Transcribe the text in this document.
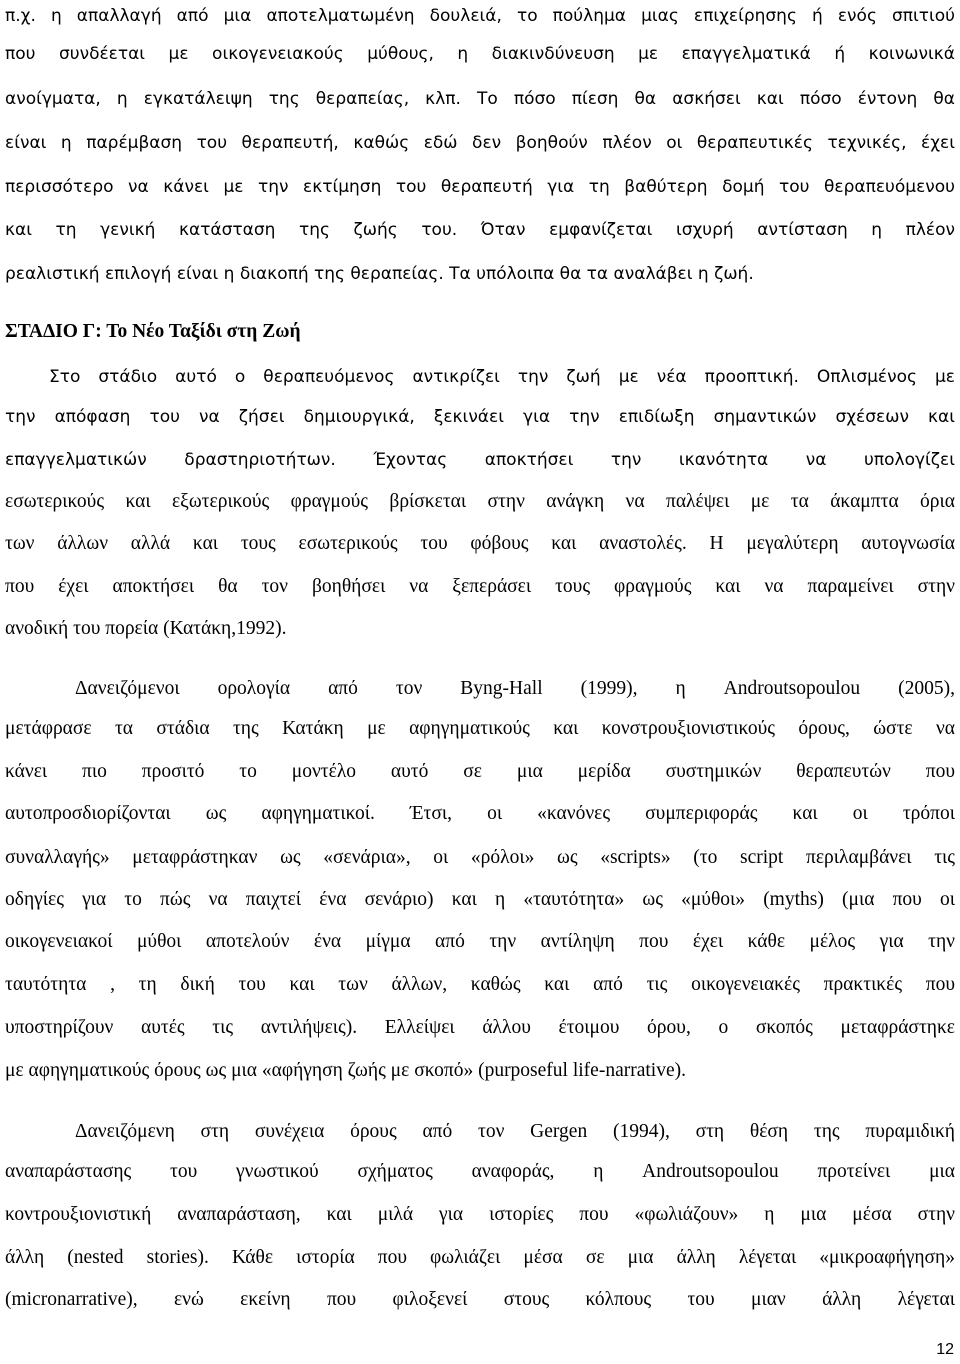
π.χ. η απαλλαγή από μια αποτελματωμένη δουλειά, το πούλημα μιας επιχείρησης ή ενός σπιτιού
που συνδέεται με οικογενειακούς μύθους, η διακινδύνευση με επαγγελματικά ή κοινωνικά
ανοίγματα, η εγκατάλειψη της θεραπείας, κλπ. Το πόσο πίεση θα ασκήσει και πόσο έντονη θα
είναι η παρέμβαση του θεραπευτή, καθώς εδώ δεν βοηθούν πλέον οι θεραπευτικές τεχνικές, έχει
περισσότερο να κάνει με την εκτίμηση του θεραπευτή για τη βαθύτερη δομή του θεραπευόμενου
και τη γενική κατάσταση της ζωής του. Όταν εμφανίζεται ισχυρή αντίσταση η πλέον
ρεαλιστική επιλογή είναι η διακοπή της θεραπείας. Τα υπόλοιπα θα τα αναλάβει η ζωή.
ΣΤΑΔΙΟ Γ: Το Νέο Ταξίδι στη Ζωή
Στο στάδιο αυτό ο θεραπευόμενος αντικρίζει την ζωή με νέα προοπτική. Οπλισμένος με
την απόφαση του να ζήσει δημιουργικά, ξεκινάει για την επιδίωξη σημαντικών σχέσεων και
επαγγελματικών δραστηριοτήτων. Έχοντας αποκτήσει την ικανότητα να υπολογίζει
εσωτερικούς και εξωτερικούς φραγμούς βρίσκεται στην ανάγκη να παλέψει με τα άκαμπτα όρια
των άλλων αλλά και τους εσωτερικούς του φόβους και αναστολές. Η μεγαλύτερη αυτογνωσία
που έχει αποκτήσει θα τον βοηθήσει να ξεπεράσει τους φραγμούς και να παραμείνει στην
ανοδική του πορεία (Κατάκη,1992).
Δανειζόμενοι ορολογία από τον Byng-Hall (1999), η Androutsopoulou (2005),
μετάφρασε τα στάδια της Κατάκη με αφηγηματικούς και κονστρουξιονιστικούς όρους, ώστε να
κάνει πιο προσιτό το μοντέλο αυτό σε μια μερίδα συστημικών θεραπευτών που
αυτοπροσδιορίζονται ως αφηγηματικοί. Έτσι, οι «κανόνες συμπεριφοράς και οι τρόποι
συναλλαγής» μεταφράστηκαν ως «σενάρια», οι «ρόλοι» ως «scripts» (το script περιλαμβάνει τις
οδηγίες για το πώς να παιχτεί ένα σενάριο) και η «ταυτότητα» ως «μύθοι» (myths) (μια που οι
οικογενειακοί μύθοι αποτελούν ένα μίγμα από την αντίληψη που έχει κάθε μέλος για την
ταυτότητα , τη δική του και των άλλων, καθώς και από τις οικογενειακές πρακτικές που
υποστηρίζουν αυτές τις αντιλήψεις). Ελλείψει άλλου έτοιμου όρου, ο σκοπός μεταφράστηκε
με αφηγηματικούς όρους ως μια «αφήγηση ζωής με σκοπό» (purposeful life-narrative).
Δανειζόμενη στη συνέχεια όρους από τον Gergen (1994), στη θέση της πυραμιδική
αναπαράστασης του γνωστικού σχήματος αναφοράς, η Androutsopoulou προτείνει μια
κοντρουξιονιστική αναπαράσταση, και μιλά για ιστορίες που «φωλιάζουν» η μια μέσα στην
άλλη (nested stories). Κάθε ιστορία που φωλιάζει μέσα σε μια άλλη λέγεται «μικροαφήγηση»
(micronarrative), ενώ εκείνη που φιλοξενεί στους κόλπους του μιαν άλλη λέγεται
12
